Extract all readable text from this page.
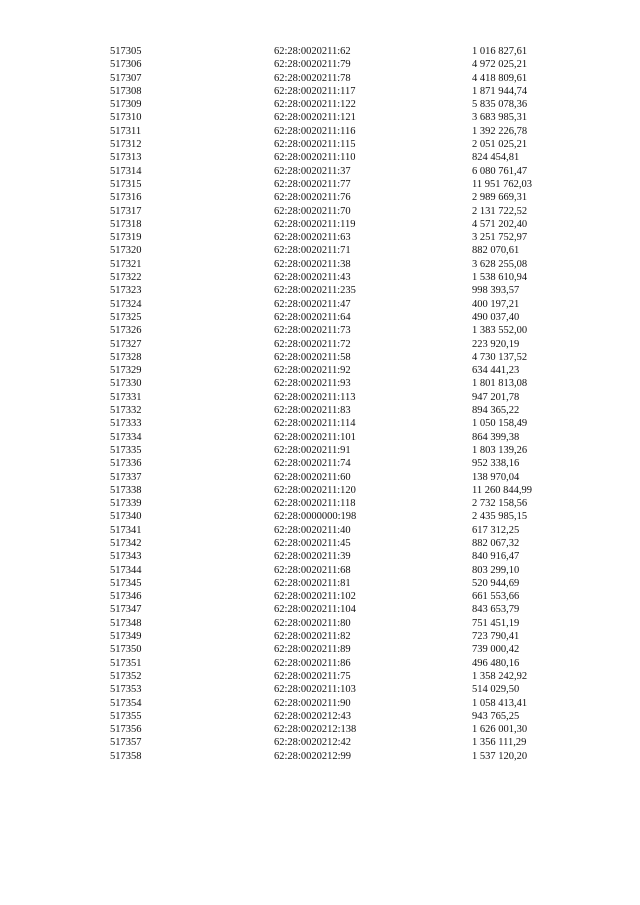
517305	62:28:0020211:62	1 016 827,61
517306	62:28:0020211:79	4 972 025,21
517307	62:28:0020211:78	4 418 809,61
517308	62:28:0020211:117	1 871 944,74
517309	62:28:0020211:122	5 835 078,36
517310	62:28:0020211:121	3 683 985,31
517311	62:28:0020211:116	1 392 226,78
517312	62:28:0020211:115	2 051 025,21
517313	62:28:0020211:110	824 454,81
517314	62:28:0020211:37	6 080 761,47
517315	62:28:0020211:77	11 951 762,03
517316	62:28:0020211:76	2 989 669,31
517317	62:28:0020211:70	2 131 722,52
517318	62:28:0020211:119	4 571 202,40
517319	62:28:0020211:63	3 251 752,97
517320	62:28:0020211:71	882 070,61
517321	62:28:0020211:38	3 628 255,08
517322	62:28:0020211:43	1 538 610,94
517323	62:28:0020211:235	998 393,57
517324	62:28:0020211:47	400 197,21
517325	62:28:0020211:64	490 037,40
517326	62:28:0020211:73	1 383 552,00
517327	62:28:0020211:72	223 920,19
517328	62:28:0020211:58	4 730 137,52
517329	62:28:0020211:92	634 441,23
517330	62:28:0020211:93	1 801 813,08
517331	62:28:0020211:113	947 201,78
517332	62:28:0020211:83	894 365,22
517333	62:28:0020211:114	1 050 158,49
517334	62:28:0020211:101	864 399,38
517335	62:28:0020211:91	1 803 139,26
517336	62:28:0020211:74	952 338,16
517337	62:28:0020211:60	138 970,04
517338	62:28:0020211:120	11 260 844,99
517339	62:28:0020211:118	2 732 158,56
517340	62:28:0000000:198	2 435 985,15
517341	62:28:0020211:40	617 312,25
517342	62:28:0020211:45	882 067,32
517343	62:28:0020211:39	840 916,47
517344	62:28:0020211:68	803 299,10
517345	62:28:0020211:81	520 944,69
517346	62:28:0020211:102	661 553,66
517347	62:28:0020211:104	843 653,79
517348	62:28:0020211:80	751 451,19
517349	62:28:0020211:82	723 790,41
517350	62:28:0020211:89	739 000,42
517351	62:28:0020211:86	496 480,16
517352	62:28:0020211:75	1 358 242,92
517353	62:28:0020211:103	514 029,50
517354	62:28:0020211:90	1 058 413,41
517355	62:28:0020212:43	943 765,25
517356	62:28:0020212:138	1 626 001,30
517357	62:28:0020212:42	1 356 111,29
517358	62:28:0020212:99	1 537 120,20
